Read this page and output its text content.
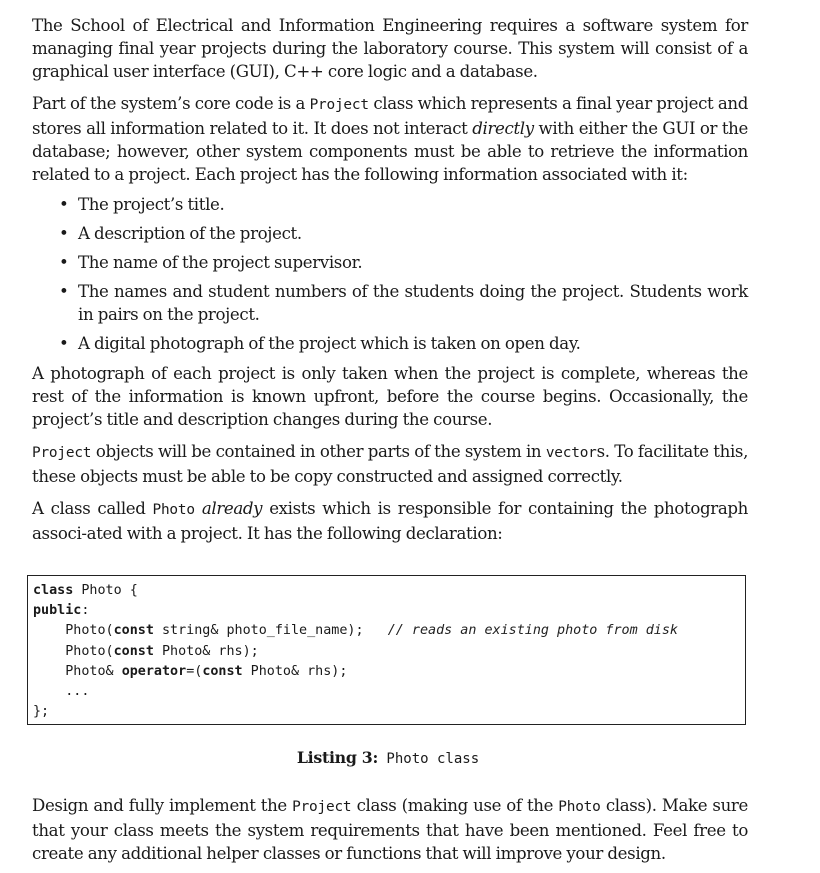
The School of Electrical and Information Engineering requires a software system for managing final year projects during the laboratory course. This system will consist of a graphical user interface (GUI), C++ core logic and a database.

Part of the system’s core code is a Project class which represents a final year project and stores all information related to it. It does not interact directly with either the GUI or the database; however, other system components must be able to retrieve the information related to a project. Each project has the following information associated with it:

• The project’s title.
• A description of the project.
• The name of the project supervisor.
• The names and student numbers of the students doing the project. Students work in pairs on the project.
• A digital photograph of the project which is taken on open day.

A photograph of each project is only taken when the project is complete, whereas the rest of the information is known upfront, before the course begins. Occasionally, the project’s title and description changes during the course.

Project objects will be contained in other parts of the system in vectors. To facilitate this, these objects must be able to be copy constructed and assigned correctly.

A class called Photo already exists which is responsible for containing the photograph associ-ated with a project. It has the following declaration:

class Photo {
public:
Photo(const string& photo_file_name);   // reads an existing photo from disk
Photo(const Photo& rhs);
Photo& operator=(const Photo& rhs);
...
};
Listing 3: Photo class

Design and fully implement the Project class (making use of the Photo class). Make sure that your class meets the system requirements that have been mentioned. Feel free to create any additional helper classes or functions that will improve your design.
